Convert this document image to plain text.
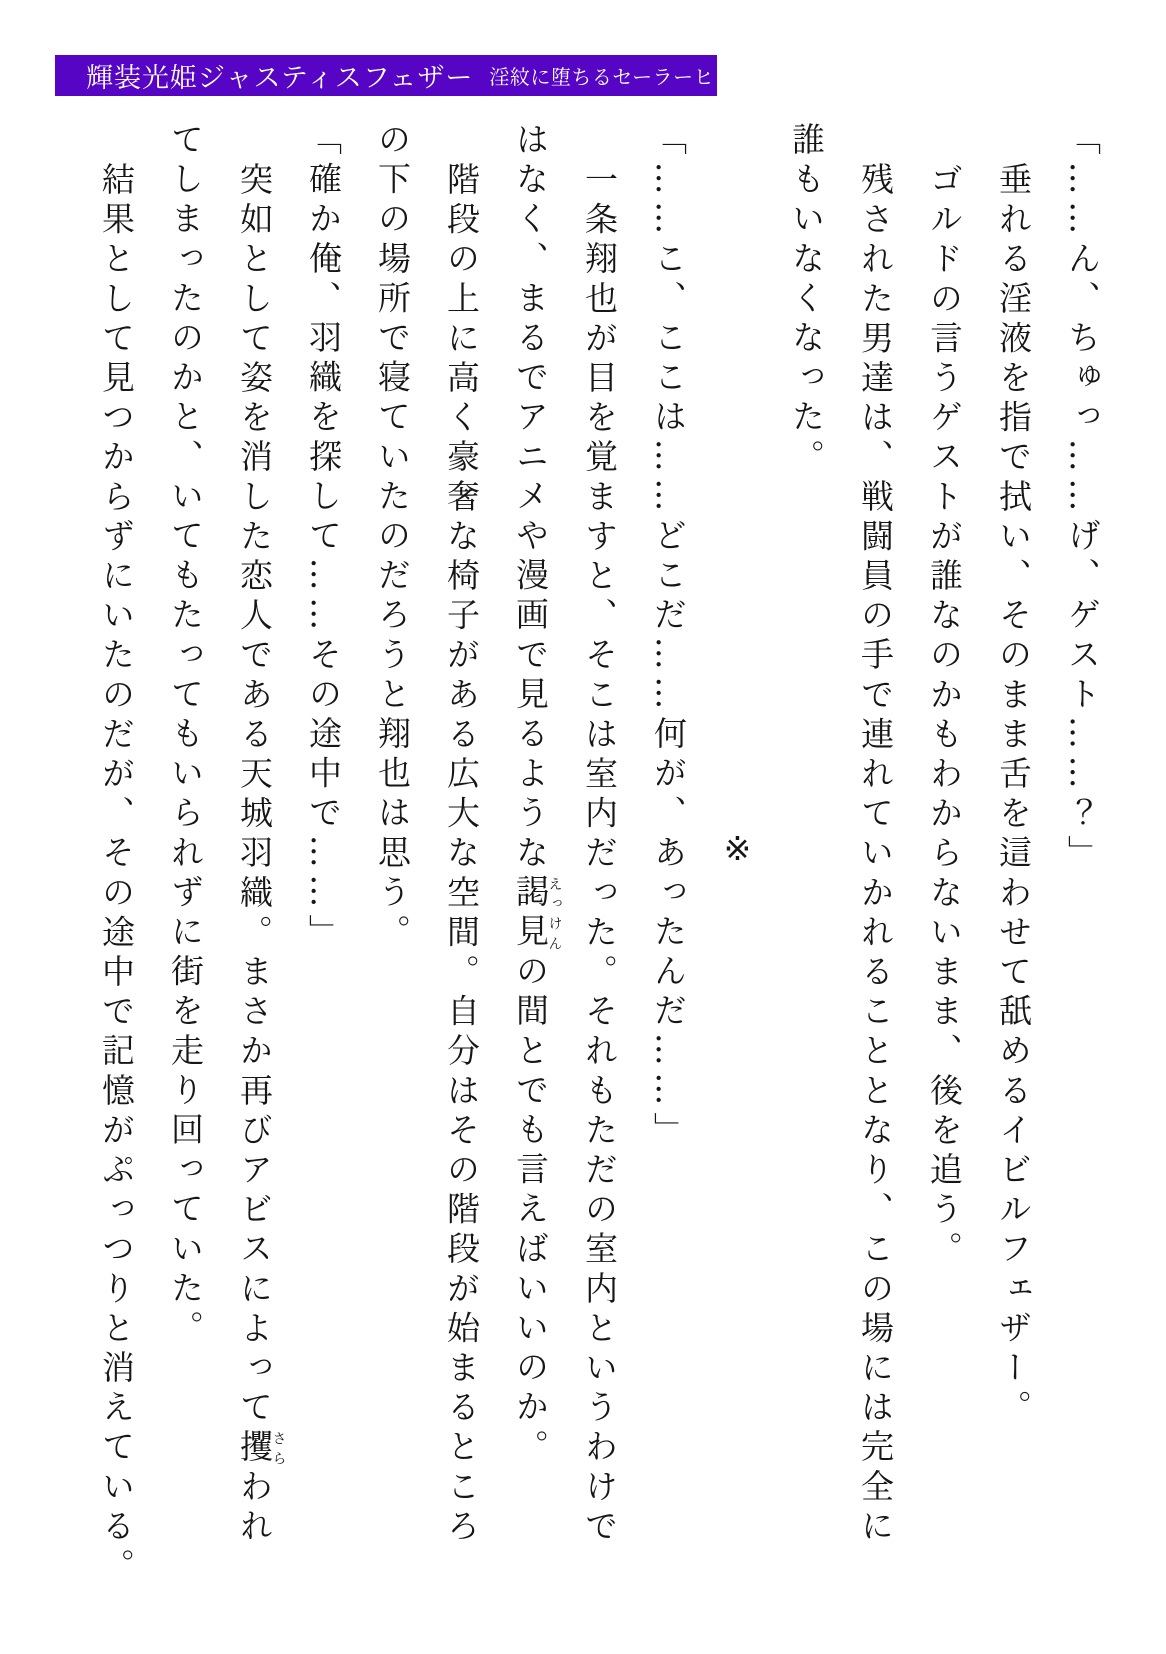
輝装光姫ジャスティスフェザー 淫紋に堕ちるセーラーヒロイン

「……ん、ちゅっ……げ、ゲスト……？」

垂れる淫液を指で拭い、そのまま舌を這わせて舐めるイビルフェザー。

ゴルドの言うゲストが誰なのかもわからないまま、後を追う。

残された男達は、戦闘員の手で連れていかれることとなり、この場には完全に

誰もいなくなった。

※

「……こ、ここは……どこだ……何が、あったんだ……」

一条翔也が目を覚ますと、そこは室内だった。それもただの室内というわけで

はなく、まるでアニメや漫画で見るような謁見えっけんの間とでも言えばいいのか。

階段の上に高く豪奢な椅子がある広大な空間。自分はその階段が始まるところ

の下の場所で寝ていたのだろうと翔也は思う。

「確か俺、羽織を探して……その途中で……」

突如として姿を消した恋人である天城羽織。まさか再びアビスによって攫さらわれ

てしまったのかと、いてもたってもいられずに街を走り回っていた。

結果として見つからずにいたのだが、その途中で記憶がぷっつりと消えている。
